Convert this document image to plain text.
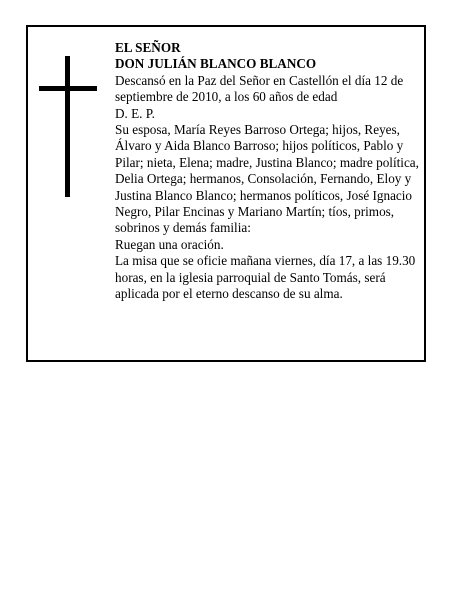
EL SEÑOR

DON JULIÁN BLANCO BLANCO

Descansó en la Paz del Señor en Castellón el día 12 de septiembre de 2010, a los 60 años de edad

D. E. P.

Su esposa, María Reyes Barroso Ortega; hijos, Reyes, Álvaro y Aida Blanco Barroso; hijos políticos, Pablo y Pilar; nieta, Elena; madre, Justina Blanco; madre política, Delia Ortega; hermanos, Consolación, Fernando, Eloy y Justina Blanco Blanco; hermanos políticos, José Ignacio Negro, Pilar Encinas y Mariano Martín; tíos, primos, sobrinos y demás familia:

Ruegan una oración.

La misa que se oficie mañana viernes, día 17, a las 19.30 horas, en la iglesia parroquial de Santo Tomás, será aplicada por el eterno descanso de su alma.
